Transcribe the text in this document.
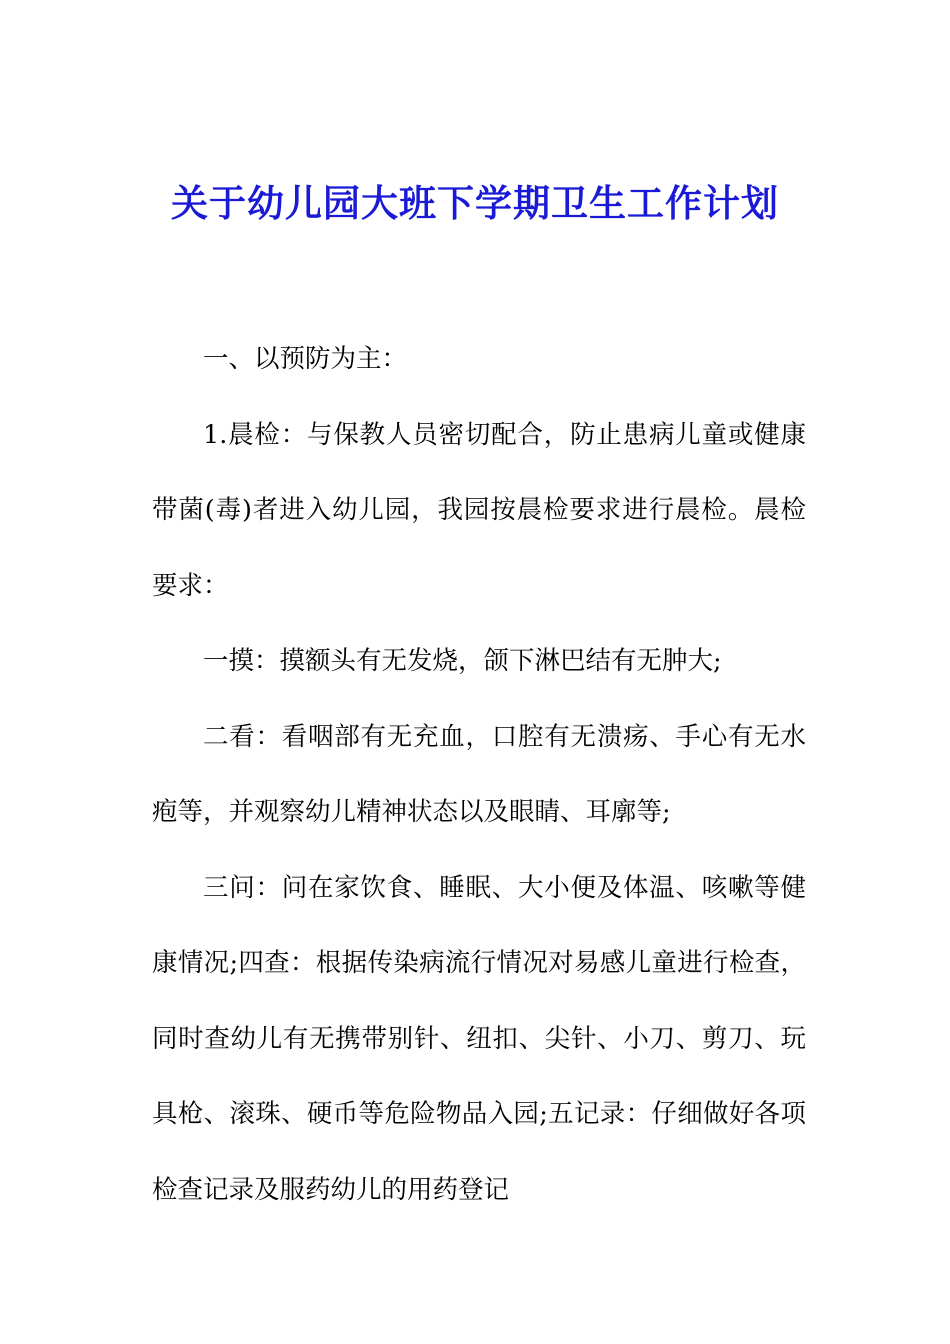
关于幼儿园大班下学期卫生工作计划

一、以预防为主：

1.晨检：与保教人员密切配合，防止患病儿童或健康带菌(毒)者进入幼儿园，我园按晨检要求进行晨检。晨检要求：

一摸：摸额头有无发烧，颌下淋巴结有无肿大;

二看：看咽部有无充血，口腔有无溃疡、手心有无水疱等，并观察幼儿精神状态以及眼睛、耳廓等;

三问：问在家饮食、睡眠、大小便及体温、咳嗽等健康情况;四查：根据传染病流行情况对易感儿童进行检查，同时查幼儿有无携带别针、纽扣、尖针、小刀、剪刀、玩具枪、滚珠、硬币等危险物品入园;五记录：仔细做好各项检查记录及服药幼儿的用药登记
